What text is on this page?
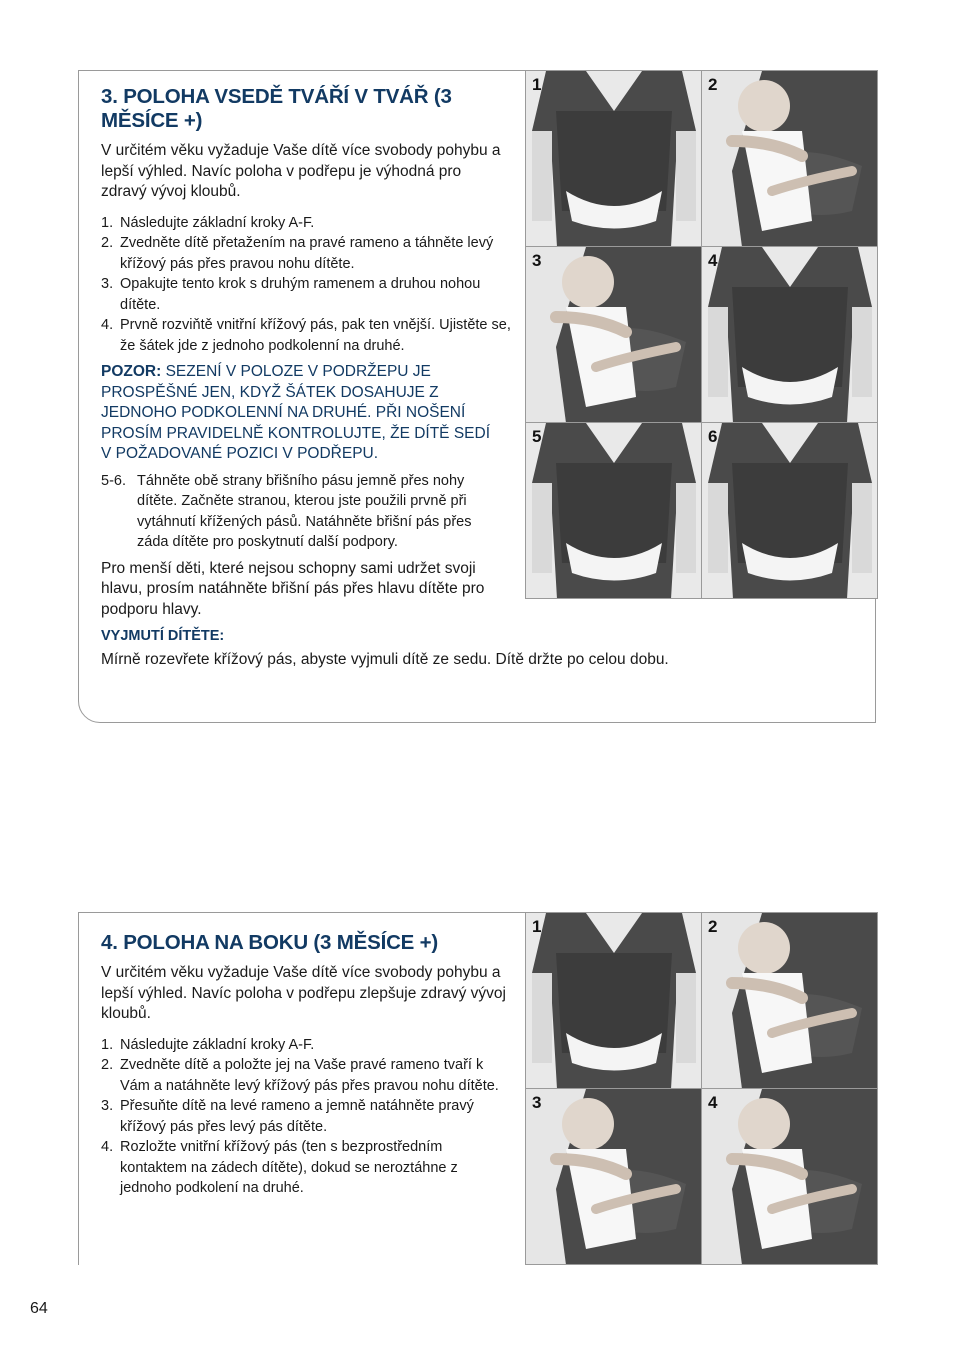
3. POLOHA VSEDĚ TVÁŘÍ V TVÁŘ (3 MĚSÍCE +)

V určitém věku vyžaduje Vaše dítě více svobody pohybu a lepší výhled. Navíc poloha v podřepu je výhodná pro zdravý vývoj kloubů.

1. Následujte základní kroky A-F.
2. Zvedněte dítě přetažením na pravé rameno a táhněte levý křížový pás přes pravou nohu dítěte.
3. Opakujte tento krok s druhým ramenem a druhou nohou dítěte.
4. Prvně rozviňtě vnitřní křížový pás, pak ten vnější. Ujistěte se, že šátek jde z jednoho podkolenní na druhé.

POZOR: SEZENÍ V POLOZE V PODRŽEPU JE PROSPĚŠNÉ JEN, KDYŽ ŠÁTEK DOSAHUJE Z JEDNOHO PODKOLENNÍ NA DRUHÉ. PŘI NOŠENÍ PROSÍM PRAVIDELNĚ KONTROLUJTE, ŽE DÍTĚ SEDÍ V POŽADOVANÉ POZICI V PODŘEPU.

5-6. Táhněte obě strany břišního pásu jemně přes nohy dítěte. Začněte stranou, kterou jste použili prvně při vytáhnutí křížených pásů. Natáhněte břišní pás přes záda dítěte pro poskytnutí další podpory.

Pro menší děti, které nejsou schopny sami udržet svoji hlavu, prosím natáhněte břišní pás přes hlavu dítěte pro podporu hlavy.

VYJMUTÍ DÍTĚTE:

Mírně rozevřete křížový pás, abyste vyjmuli dítě ze sedu. Dítě držte po celou dobu.

1	2
3	4
5	6
4. POLOHA NA BOKU (3 MĚSÍCE +)

V určitém věku vyžaduje Vaše dítě více svobody pohybu a lepší výhled. Navíc poloha v podřepu zlepšuje zdravý vývoj kloubů.

1. Následujte základní kroky A-F.
2. Zvedněte dítě a položte jej na Vaše pravé rameno tvaří k Vám a natáhněte levý křížový pás přes pravou nohu dítěte.
3. Přesuňte dítě na levé rameno a jemně natáhněte pravý křížový pás přes levý pás dítěte.
4. Rozložte vnitřní křížový pás (ten s bezprostředním kontaktem na zádech dítěte), dokud se neroztáhne z jednoho podkolení na druhé.
1	2
3	4
64
